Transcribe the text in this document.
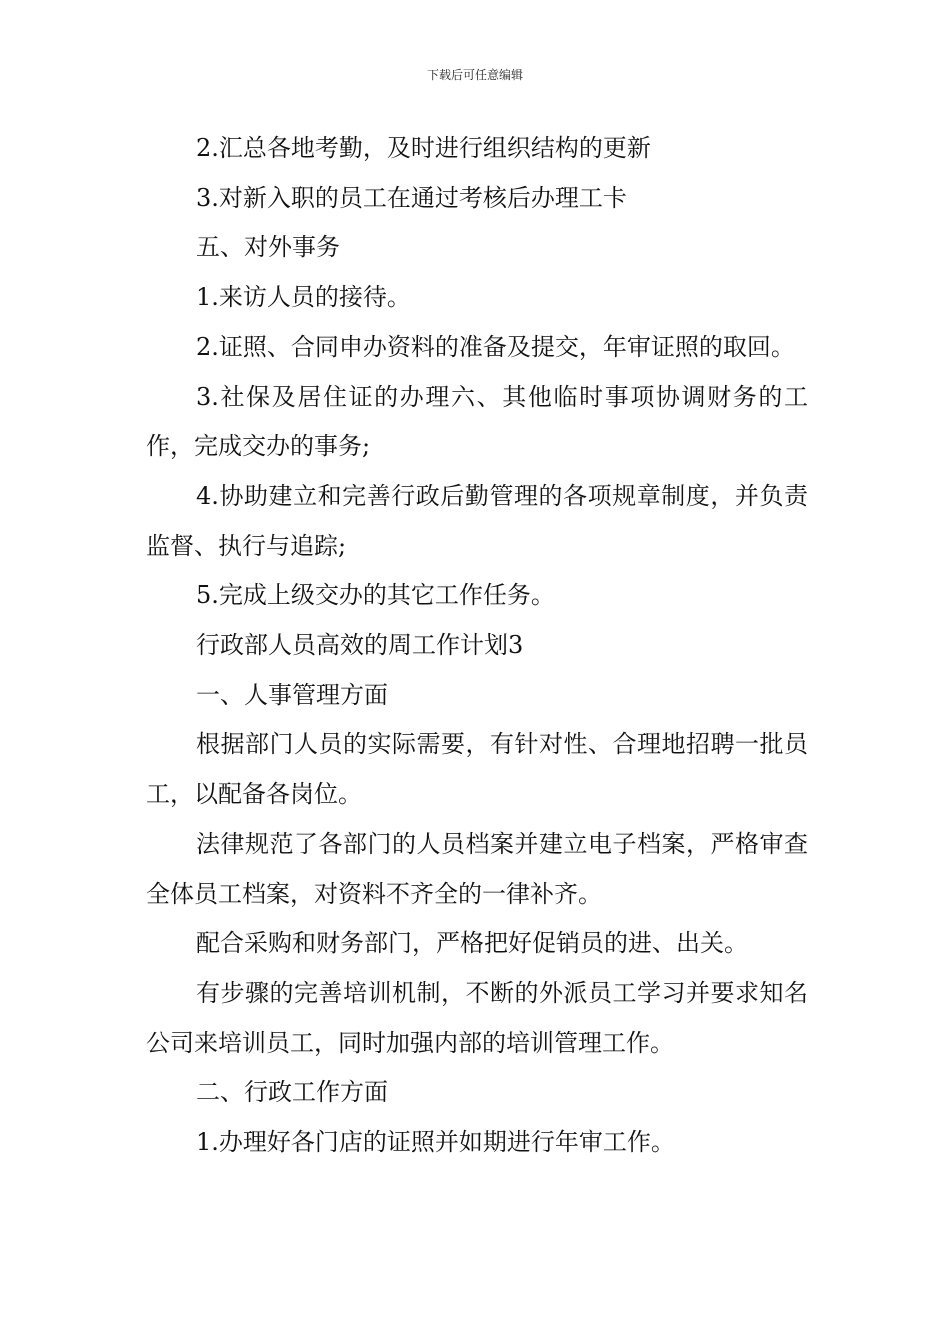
下载后可任意编辑

2.汇总各地考勤，及时进行组织结构的更新

3.对新入职的员工在通过考核后办理工卡

五、对外事务

1.来访人员的接待。

2.证照、合同申办资料的准备及提交，年审证照的取回。

3.社保及居住证的办理六、其他临时事项协调财务的工作，完成交办的事务;

4.协助建立和完善行政后勤管理的各项规章制度，并负责监督、执行与追踪;

5.完成上级交办的其它工作任务。

行政部人员高效的周工作计划3

一、人事管理方面

根据部门人员的实际需要，有针对性、合理地招聘一批员工，以配备各岗位。

法律规范了各部门的人员档案并建立电子档案，严格审查全体员工档案，对资料不齐全的一律补齐。

配合采购和财务部门，严格把好促销员的进、出关。

有步骤的完善培训机制，不断的外派员工学习并要求知名公司来培训员工，同时加强内部的培训管理工作。

二、行政工作方面

1.办理好各门店的证照并如期进行年审工作。
